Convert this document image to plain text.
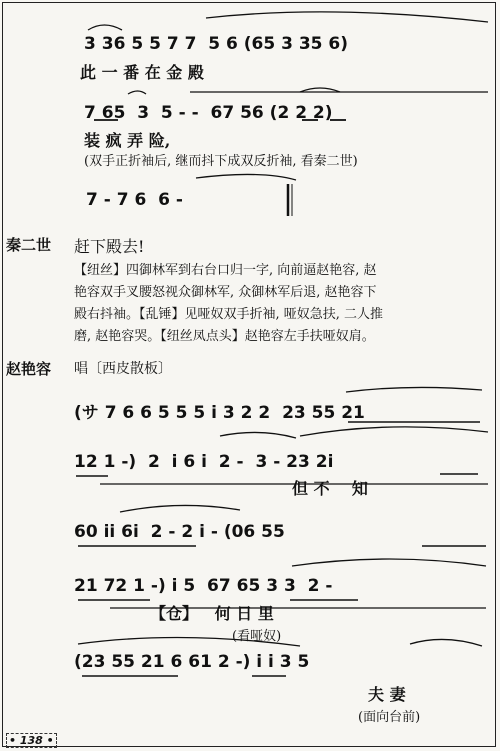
3 36 5 5 7 7  5 6 (65 3 35 6)
此 一 番 在 金 殿
7 65  3  5 - -  67 56 (2 2 2)
装 疯 弄 险,
(双手正折袖后, 继而抖下成双反折袖, 看秦二世)
7 - 7 6  6 -
秦二世 赶下殿去!
【纽丝】四御林军到右台口归一字, 向前逼赵艳容, 赵
艳容双手叉腰怒视众御林军, 众御林军后退, 赵艳容下
殿右抖袖。【乱锤】见哑奴双手折袖, 哑奴急扶, 二人推
磨, 赵艳容哭。【纽丝凤点头】赵艳容左手扶哑奴肩。
赵艳容 唱〔西皮散板〕
(サ 7 6 6 5 5 5 i 3 2 2  23 55 21
12 1 -)  2  i 6 i  2 -  3 - 23 2i
但 不    知
60 ii 6i  2 - 2 i - (06 55
21 72 1 -) i 5  67 65 3 3  2 -
【仓】   何 日 里
(看哑奴)
(23 55 21 6 61 2 -) i i 3 5
夫 妻
(面向台前)
• 138 •
